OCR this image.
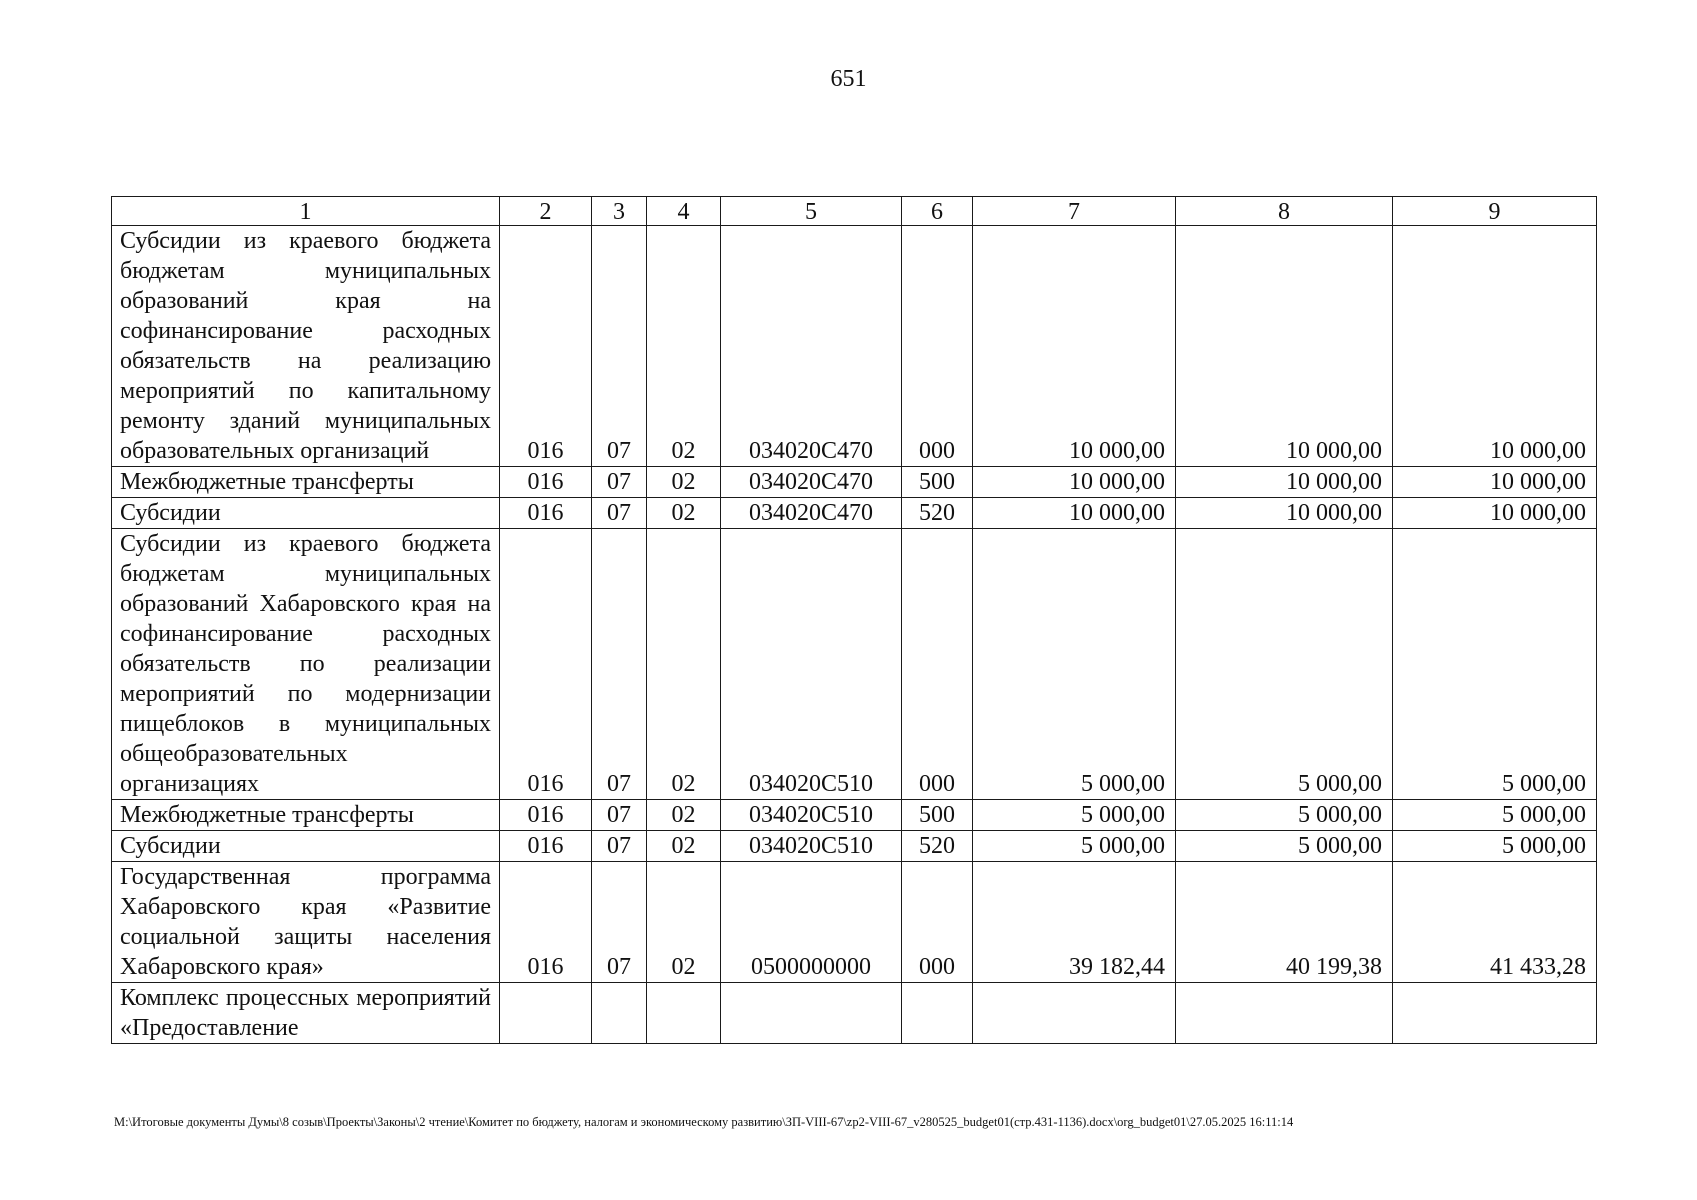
651
1	2	3	4	5	6	7	8	9
Субсидии из краевого бюджета бюджетам муниципальных образований края на софинансирование расходных обязательств на реализацию мероприятий по капитальному ремонту зданий муниципальных образовательных организаций	016	07	02	034020С470	000	10 000,00	10 000,00	10 000,00
Межбюджетные трансферты	016	07	02	034020С470	500	10 000,00	10 000,00	10 000,00
Субсидии	016	07	02	034020С470	520	10 000,00	10 000,00	10 000,00
Субсидии из краевого бюджета бюджетам муниципальных образований Хабаровского края на софинансирование расходных обязательств по реализации мероприятий по модернизации пищеблоков в муниципальных общеобразовательных организациях	016	07	02	034020С510	000	5 000,00	5 000,00	5 000,00
Межбюджетные трансферты	016	07	02	034020С510	500	5 000,00	5 000,00	5 000,00
Субсидии	016	07	02	034020С510	520	5 000,00	5 000,00	5 000,00
Государственная программа Хабаровского края «Развитие социальной защиты населения Хабаровского края»	016	07	02	0500000000	000	39 182,44	40 199,38	41 433,28
Комплекс процессных мероприятий «Предоставление								
M:\Итоговые документы Думы\8 созыв\Проекты\Законы\2 чтение\Комитет по бюджету, налогам и экономическому развитию\ЗП-VIII-67\zp2-VIII-67_v280525_budget01(стр.431-1136).docx\org_budget01\27.05.2025 16:11:14
